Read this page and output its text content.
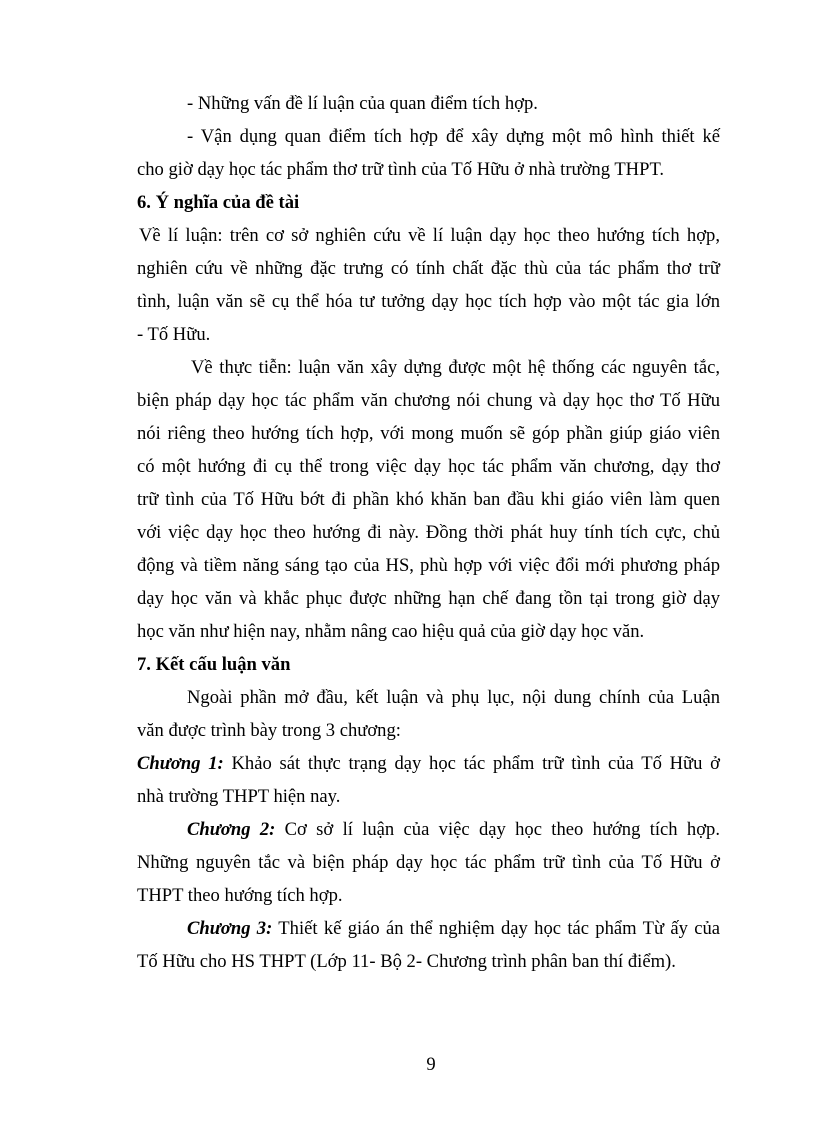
- Những vấn đề lí luận của quan điểm tích hợp.
- Vận dụng quan điểm tích hợp để xây dựng một mô hình thiết kế
cho giờ dạy học tác phẩm thơ trữ tình của Tố Hữu ở nhà trường THPT.
6. Ý nghĩa của đề tài
Về lí luận: trên cơ sở nghiên cứu về lí luận dạy học theo hướng tích hợp,
nghiên cứu về những đặc trưng có tính chất đặc thù của tác phẩm thơ trữ
tình, luận văn sẽ cụ thể hóa tư tưởng dạy học tích hợp vào một tác gia lớn
- Tố Hữu.
Về thực tiễn: luận văn xây dựng được một hệ thống các nguyên tắc,
biện pháp dạy học tác phẩm văn chương nói chung và dạy học thơ Tố Hữu
nói riêng theo hướng tích hợp, với mong muốn sẽ góp phần giúp giáo viên
có một hướng đi cụ thể trong việc dạy học tác phẩm văn chương, dạy thơ
trữ tình của Tố Hữu bớt đi phần khó khăn ban đầu khi giáo viên làm quen
với việc dạy học theo hướng đi này. Đồng thời phát huy tính tích cực, chủ
động và tiềm năng sáng tạo của HS, phù hợp với việc đổi mới phương pháp
dạy học văn và khắc phục được những hạn chế đang tồn tại trong giờ dạy
học văn như hiện nay, nhằm nâng cao hiệu quả của giờ dạy học văn.
7. Kết cấu luận văn
Ngoài phần mở đầu, kết luận và phụ lục, nội dung chính của Luận
văn được trình bày trong 3 chương:
Chương 1: Khảo sát thực trạng dạy học tác phẩm trữ tình của Tố Hữu ở
nhà trường THPT hiện nay.
Chương 2: Cơ sở lí luận của việc dạy học theo hướng tích hợp.
Những nguyên tắc và biện pháp dạy học tác phẩm trữ tình của Tố Hữu ở
THPT theo hướng tích hợp.
Chương 3: Thiết kế giáo án thể nghiệm dạy học tác phẩm Từ ấy của
Tố Hữu cho HS THPT (Lớp 11- Bộ 2- Chương trình phân ban thí điểm).
9
